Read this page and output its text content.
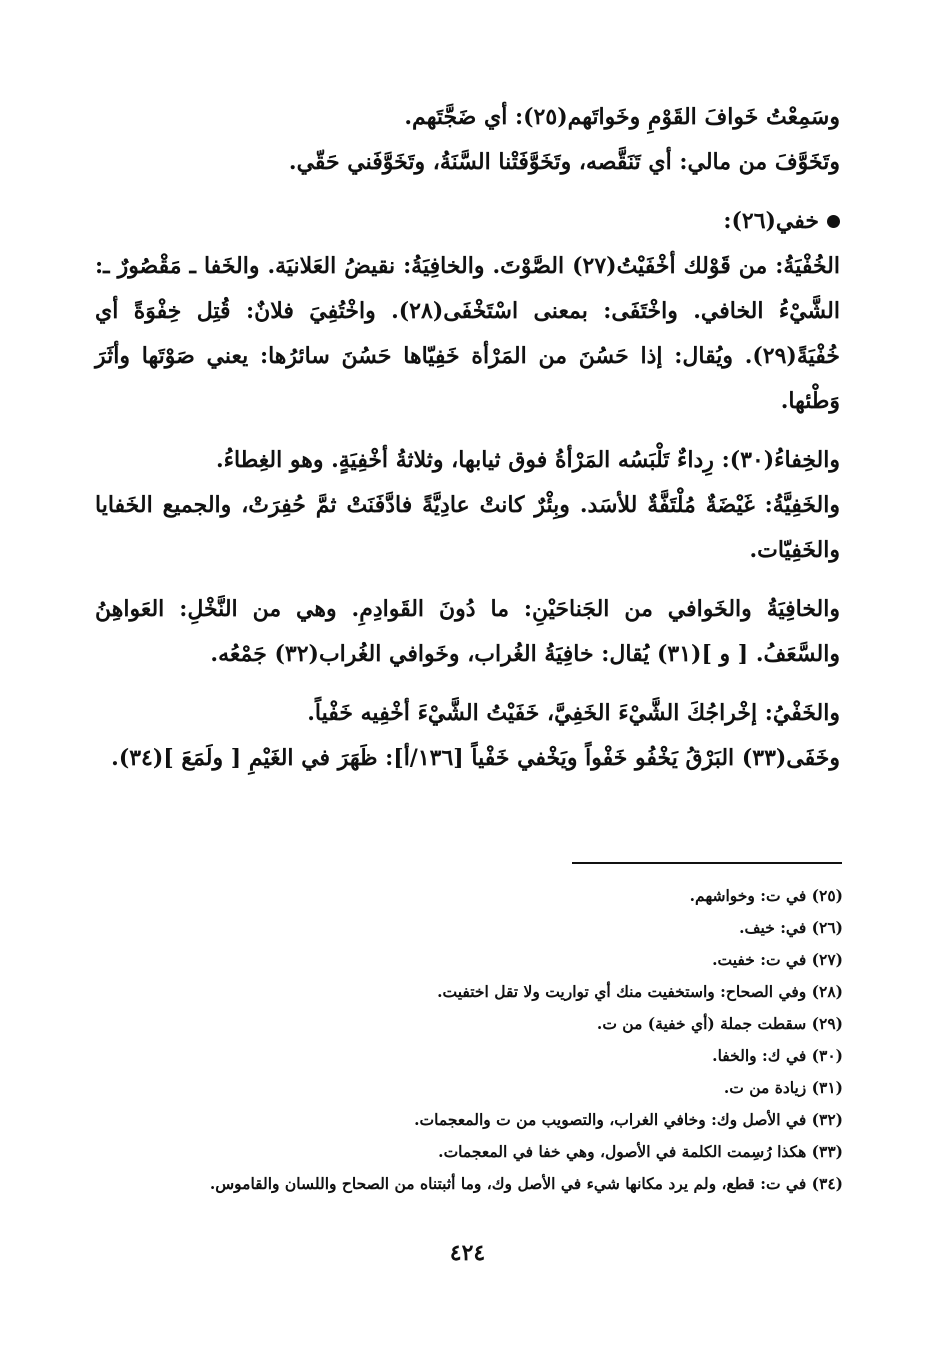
وسَمِعْتُ خَوافَ القَوْمِ وخَواتَهم(٢٥): أي ضَجَّتَهم.

وتَخَوَّفَ من مالي: أي تَنَقَّصه، وتَخَوَّفَتْنا السَّنَةُ، وتَخَوَّفَني حَقّي.

خفي(٢٦):

الخُفْيَةُ: من قَوْلك أخْفَيْتُ(٢٧) الصَّوْتَ. والخافِيَةُ: نقيضُ العَلانيَة. والخَفا ـ مَقْصُورٌ ـ: الشَّيْءُ الخافي. واخْتَفَى: بمعنى اسْتَخْفَى(٢٨). واخْتُفِيَ فلانٌ: قُتِل خِفْوَةً أي خُفْيَةً(٢٩). ويُقال: إذا حَسُنَ من المَرْأة خَفِيّاها حَسُنَ سائرُها: يعني صَوْتَها وأثَرَ وَطْئها.

والخِفاءُ(٣٠): رِداءٌ تَلْبَسُه المَرْأةُ فوق ثيابها، وثلاثةُ أخْفِيَةٍ. وهو الغِطاءُ.

والخَفِيَّةُ: غَيْضَةٌ مُلْتَفَّةٌ للأسَد. وبِئْرٌ كانتْ عادِيَّةً فادَّفَنَتْ ثمَّ حُفِرَتْ، والجميع الخَفايا والخَفِيّات.

والخافِيَةُ والخَوافي من الجَناحَيْنِ: ما دُونَ القَوادِمِ. وهي من النَّخْلِ: العَواهِنُ والسَّعَفُ. [ و ](٣١) يُقال: خافِيَةُ الغُراب، وخَوافي الغُراب(٣٢) جَمْعُه.

والخَفْيُ: إخْراجُكَ الشَّيْءَ الخَفِيَّ، خَفَيْتُ الشَّيْءَ أخْفِيه خَفْياً.

وخَفَى(٣٣) البَرْقُ يَخْفُو خَفْواً ويَخْفي خَفْياً [١٣٦/أ]: ظَهَرَ في الغَيْمِ [ ولَمَعَ ](٣٤).

(٢٥) في ت: وخواشهم.

(٢٦) في: خيف.

(٢٧) في ت: خفيت.

(٢٨) وفي الصحاح: واستخفيت منك أي تواريت ولا تقل اختفيت.

(٢٩) سقطت جملة (أي خفية) من ت.

(٣٠) في ك: والخفا.

(٣١) زيادة من ت.

(٣٢) في الأصل وك: وخافي الغراب، والتصويب من ت والمعجمات.

(٣٣) هكذا رُسِمت الكلمة في الأصول، وهي خفا في المعجمات.

(٣٤) في ت: قطع، ولم يرد مكانها شيء في الأصل وك، وما أثبتناه من الصحاح واللسان والقاموس.

٤٢٤
